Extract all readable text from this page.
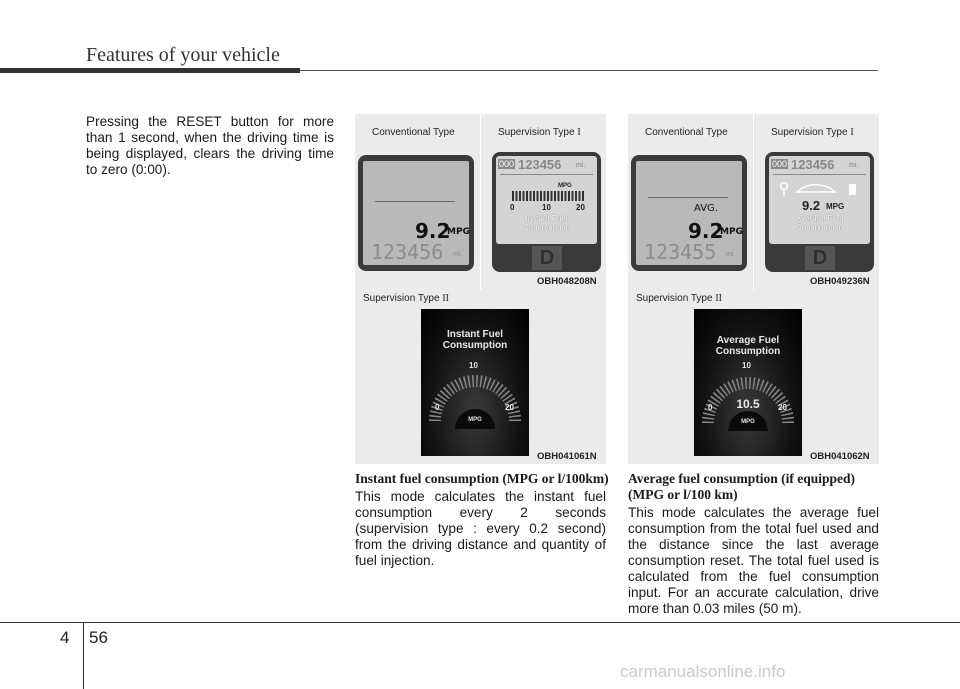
Features of your vehicle
Pressing the RESET button for more than 1 second, when the driving time is being displayed, clears the driving time to zero (0:00).
Conventional Type	Supervision Type I
9.2
MPG
123456 mi.
000 123456 mi.
MPG
0	10	20
Instant Fuel
Consumption
D
OBH048208N
Supervision Type II
Instant Fuel
Consumption
10
0	20
MPG
OBH041061N
Conventional Type	Supervision Type I
AVG.
9.2
MPG
123455 mi.
000 123456 mi.
9.2 MPG
Average Fuel
Consumption
D
OBH049236N
Supervision Type II
Average Fuel
Consumption
10
0	20
10.5
MPG
OBH041062N
Instant fuel consumption (MPG or l/100km)
This mode calculates the instant fuel consumption every 2 seconds (supervision type : every 0.2 second) from the driving distance and quantity of fuel injection.
Average fuel consumption (if equipped)
(MPG or l/100 km)
This mode calculates the average fuel consumption from the total fuel used and the distance since the last average consumption reset. The total fuel used is calculated from the fuel consumption input. For an accurate calculation, drive more than 0.03 miles (50 m).
4 56
carmanualsonline.info
